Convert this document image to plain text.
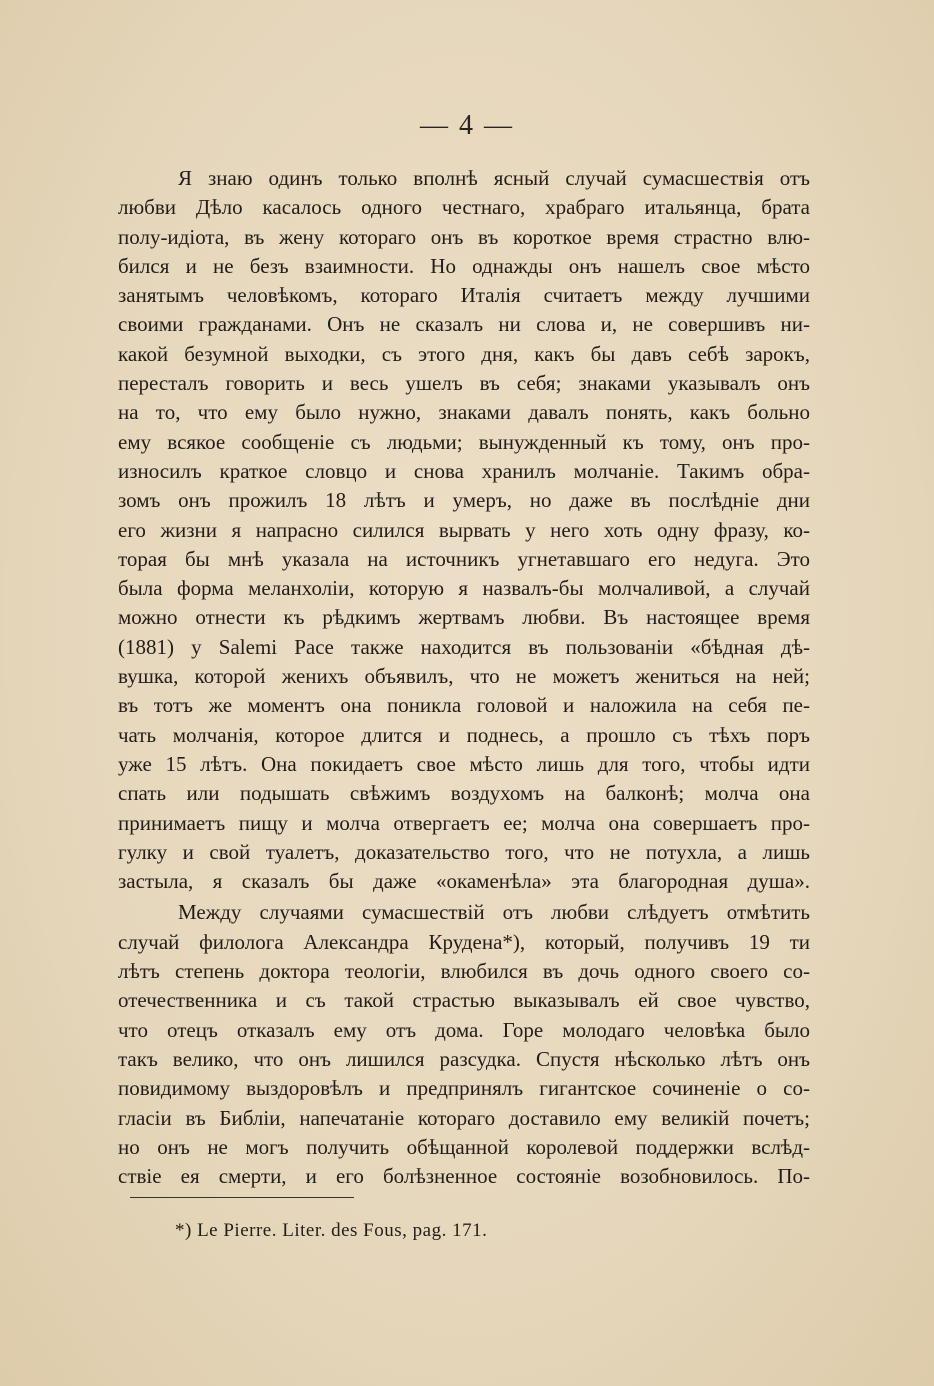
— 4 —
Я знаю одинъ только вполнѣ ясный случай сумасшествія отъ
любви Дѣло касалось одного честнаго, храбраго итальянца, брата
полу-идіота, въ жену котораго онъ въ короткое время страстно влю-
бился и не безъ взаимности. Но однажды онъ нашелъ свое мѣсто
занятымъ человѣкомъ, котораго Италія считаетъ между лучшими
своими гражданами. Онъ не сказалъ ни слова и, не совершивъ ни-
какой безумной выходки, съ этого дня, какъ бы давъ себѣ зарокъ,
пересталъ говорить и весь ушелъ въ себя; знаками указывалъ онъ
на то, что ему было нужно, знаками давалъ понять, какъ больно
ему всякое сообщеніе съ людьми; вынужденный къ тому, онъ про-
износилъ краткое словцо и снова хранилъ молчаніе. Такимъ обра-
зомъ онъ прожилъ 18 лѣтъ и умеръ, но даже въ послѣдніе дни
его жизни я напрасно силился вырвать у него хоть одну фразу, ко-
торая бы мнѣ указала на источникъ угнетавшаго его недуга. Это
была форма меланхоліи, которую я назвалъ-бы молчаливой, а случай
можно отнести къ рѣдкимъ жертвамъ любви. Въ настоящее время
(1881) у Salemi Pace также находится въ пользованіи «бѣдная дѣ-
вушка, которой женихъ объявилъ, что не можетъ жениться на ней;
въ тотъ же моментъ она поникла головой и наложила на себя пе-
чать молчанія, которое длится и поднесь, а прошло съ тѣхъ поръ
уже 15 лѣтъ. Она покидаетъ свое мѣсто лишь для того, чтобы идти
спать или подышать свѣжимъ воздухомъ на балконѣ; молча она
принимаетъ пищу и молча отвергаетъ ее; молча она совершаетъ про-
гулку и свой туалетъ, доказательство того, что не потухла, а лишь
застыла, я сказалъ бы даже «окаменѣла» эта благородная душа».
Между случаями сумасшествій отъ любви слѣдуетъ отмѣтить
случай филолога Александра Крудена*), который, получивъ 19 ти
лѣтъ степень доктора теологіи, влюбился въ дочь одного своего со-
отечественника и съ такой страстью выказывалъ ей свое чувство,
что отецъ отказалъ ему отъ дома. Горе молодаго человѣка было
такъ велико, что онъ лишился разсудка. Спустя нѣсколько лѣтъ онъ
повидимому выздоровѣлъ и предпринялъ гигантское сочиненіе о со-
гласіи въ Библіи, напечатаніе котораго доставило ему великій почетъ;
но онъ не могъ получить обѣщанной королевой поддержки вслѣд-
ствіе ея смерти, и его болѣзненное состояніе возобновилось. По-
*) Le Pierre. Liter. des Fous, pag. 171.
